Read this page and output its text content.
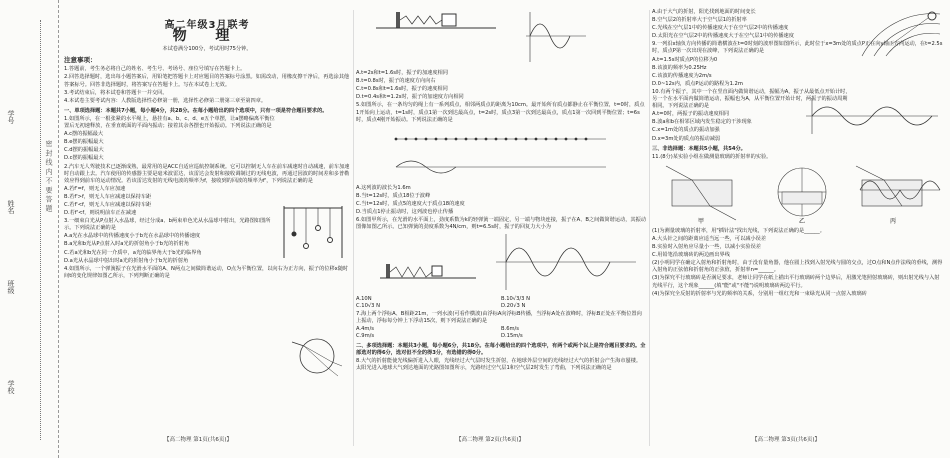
学号
姓名
班级
学校
密 封 线 内 不 要 答 题
高二年级3月联考
物 理
本试卷满分100分，考试用时75分钟。
注意事项：
1.答题前，考生务必将自己的姓名、考生号、考场号、座位号填写在答题卡上。
2.回答选择题时，选出每小题答案后，用铅笔把答题卡上对应题目的答案标号涂黑。如需改动，用橡皮擦干净后，再选涂其他答案标号。回答非选择题时，将答案写在答题卡上。写在本试卷上无效。
3.考试结束后，将本试卷和答题卡一并交回。
4.本试卷主要考试内容：人教版选择性必修第一册，选择性必修第二册第三章至第四章。
一、单项选择题：本题共7小题，每小题4分，共28分。在每小题给出的四个选项中，只有一项是符合题目要求的。
1.如图所示，在一根张紧的水平绳上，悬挂有a、b、c、d、e五个单摆，让a摆略偏离平衡位置后无初速释放，在垂直纸面的平面内振动；接着其余各摆也开始振动。下列说法正确的是
A.c摆的振幅最大
B.e摆的振幅最大
C.d摆的振幅最大
D.c摆的振幅最大
2.汽车无人驾驶技术已逐渐成熟，最常用的是ACC自适应巡航控制系统。它可以控制无人车在前车减速时自动减速，前车加速时自动跟上去。汽车使用的传感器主要是毫米波雷达，该雷达会发射和接收调制过的无线电波，再通过因波的时间差和多普勒效应得到前车的运动情况。若该雷达发射的无线电波的频率为f，接收到的回波的频率为f'，下列说法正确的是
A.若f'=f，则无人车应加速
B.若f'>f，则无人车应减速以保持车距
C.若f'<f，则无人车应减速以保持车距
D.若f'<f，则说明前车正在减速
3.一细束白光从P点射入水晶球，经过分成a、b两束单色光从水晶球中射出，光路图如图所示。下列说法正确的是
A.a光在水晶球中的传播速度小于b光在水晶球中的传播速度
B.a光和b光从P点射入时a光的折射角小于b光的折射角
C.若a光和b光在同一介质中，a光的临界角大于b光的临界角
D.a光从水晶球中射出时a光的折射角小于b光的折射角
4.如图所示，一个弹簧振子在光滑水平面的A、N两点之间做简谐运动，O点为平衡位置，以向右为正方向，振子的位移x随时间t的变化规律如图乙所示，下列判断正确的是
【高二物理 第1页(共6页)】
A.t=2s和t=1.6s时，振子的加速度相同
B.t=0.8s时，振子的速度方向向右
C.t=0.8s和t=1.6s时，振子的速度相同
D.t=0.4s和t=1.2s时，振子的加速度方向相同
5.如图所示，在一条均匀的绳上有一系列质点，相邻两质点的距离为10cm。最开始所有质点都静止在平衡位置，t=0时，质点1开始向上运动，t=1s时，质点1第一次到达最高点，t=2s时，质点3第一次到达最高点，质点1第一次回到平衡位置；t=6s时，质点4刚开始振动。下列说法正确的是
A.这列波的波长为1.6m
B.当t=12s时，质点18位于波峰
C.当t=12s时，质点5的速度大于质点18的速度
D.当质点1停止振动时，这列波也停止传播
6.如图甲所示，在光滑的水平面上，劲度系数为k的轻弹簧一端固定，另一端与物块连接，振子在A、B之间做简谐运动，其振动图像如图乙所示。已知弹簧的劲度系数为4N/cm，则t=6.5s时，振子的回复力大小为
A.10N	B.10√3/3 N
C.10√3 N	D.20√3 N
7.海上两个浮标A、B相距21m，一列水波(可看作横波)由浮标A向浮标B传播，当浮标A处在波峰时，浮标B正处在平衡位置向上振动，浮标每分钟上下浮动15次，则下列说法正确的是
A.4m/s	B.6m/s
C.9m/s	D.15m/s
二、多项选择题：本题共3小题，每小题6分，共18分。在每小题给出的四个选项中，有两个或两个以上是符合题目要求的。全部选对的得6分，选对但不全的得3分，有选错的得0分。
8.大气的折射能使光线偏折进入人眼，光线经过大气层时发生折射，在地球外层空间的光线经过大气的折射会产生海市蜃楼。太阳光进入地球大气到达地面的光路图如图所示，光路经过空气层1和空气层2时发生了弯曲，下列说法正确的是
【高二物理 第2页(共6页)】
A.由于大气的折射，阳光找到地面的时间变长
B.空气层2的折射率大于空气层1的折射率
C.光线在空气层1中的传播速度大于在空气层2中的传播速度
D.太阳光在空气层2中的传播速度大于在空气层1中的传播速度
9.一列沿x轴负方向传播的简谐横波在t=0时刻的波形图如图所示，此时位于x=3m处的质点P正在向y轴正方向运动，在t=2.5s时，质点P第一次出现在波峰，下列说法正确的是
A.t=1.5s时质点P的位移为0
B.该波的频率为0.25Hz
C.该波的传播速度为2m/s
D.0~12s内，质点P运动的路程为1.2m
10.有两个振子，其中一个在竖直面内做简谐运动，振幅为A，振子从最低点开始计时，另一个在水平面内做简谐运动，振幅也为A，从平衡位置开始计时，两振子的振动周期相同。下列说法正确的是
A.t=0时，两振子的振动速度相同
B.波a和b在相邻区域内发生稳定的干涉现象
C.x=1m处的质点的振动加强
D.x=3m处的质点的振动减弱
三、非选择题：本题共5小题，共54分。
11.(8分)某实验小组在做测量玻璃的折射率的实验。
甲	乙	丙
(1)为测量玻璃的折射率，用"插针法"找出光线，下列说法正确的是______。
A.大头针之间的距离应适当远一些，可以减小误差
B.实验时入射角应尽量小一些，以减小实验误差
C.用铅笔沿玻璃砖的两边画出界线
(2)小明同学在确定入射角和折射角时，由于没有量角器，他在圆上找到入射光线与圆的交点，过O点和N点作法线的垂线，测得入射角的正弦值和折射角的正弦值，折射率n=______。
(3)为探究平行玻璃砖是否满足要求，老师让同学在纸上描出平行玻璃砖两个边界后，用激光笔照射玻璃砖，则出射光线与入射光线平行，这个现象______(填"能"或"不能")说明玻璃砖两边平行。
(4)为探究全反射的折射率与光的频率的关系，分别用一组红光和一束绿光从同一点射入玻璃砖
【高二物理 第3页(共6页)】
